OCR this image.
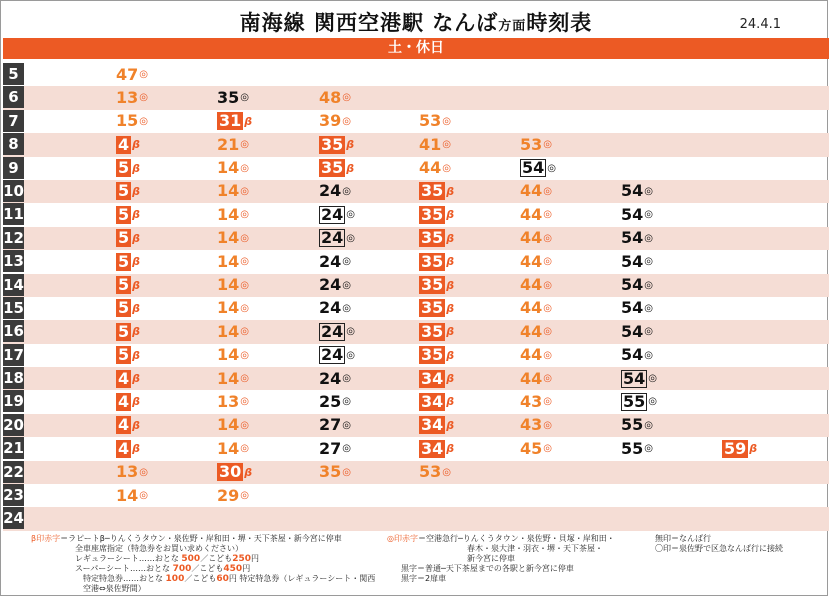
南海線 関西空港駅 なんば方面時刻表	24.4.1
土・休日
5	47 ◎
6	13 ◎	35 ◎	48 ◎
7	15 ◎	31 β	39 ◎	53 ◎
8	4 β	21 ◎	35 β	41 ◎	53 ◎
9	5 β	14 ◎	35 β	44 ◎	54 ◎
10	5 β	14 ◎	24 ◎	35 β	44 ◎	54 ◎
11	5 β	14 ◎	24 ◎	35 β	44 ◎	54 ◎
12	5 β	14 ◎	24 ◎	35 β	44 ◎	54 ◎
13	5 β	14 ◎	24 ◎	35 β	44 ◎	54 ◎
14	5 β	14 ◎	24 ◎	35 β	44 ◎	54 ◎
15	5 β	14 ◎	24 ◎	35 β	44 ◎	54 ◎
16	5 β	14 ◎	24 ◎	35 β	44 ◎	54 ◎
17	5 β	14 ◎	24 ◎	35 β	44 ◎	54 ◎
18	4 β	14 ◎	24 ◎	34 β	44 ◎	54 ◎
19	4 β	13 ◎	25 ◎	34 β	43 ◎	55 ◎
20	4 β	14 ◎	27 ◎	34 β	43 ◎	55 ◎
21	4 β	14 ◎	27 ◎	34 β	45 ◎	55 ◎	59 β
22	13 ◎	30 β	35 ◎	53 ◎
23	14 ◎	29 ◎
24
β印赤字＝ラピートβ─りんくうタウン・泉佐野・岸和田・堺・天下茶屋・新今宮に停車
全車座席指定（特急券をお買い求めください）
レギュラーシート……おとな 500／こども250円
スーパーシート……おとな 700／こども450円
特定特急券……おとな 100／こども60円 特定特急券（レギュラーシート・関西空港⇔泉佐野間）
◎印赤字＝空港急行─りんくうタウン・泉佐野・貝塚・岸和田・
春木・泉大津・羽衣・堺・天下茶屋・
新今宮に停車
黒字＝普通─天下茶屋までの各駅と新今宮に停車
黒字＝2扉車
無印＝なんば行
〇印＝泉佐野で区急なんば行に接続
